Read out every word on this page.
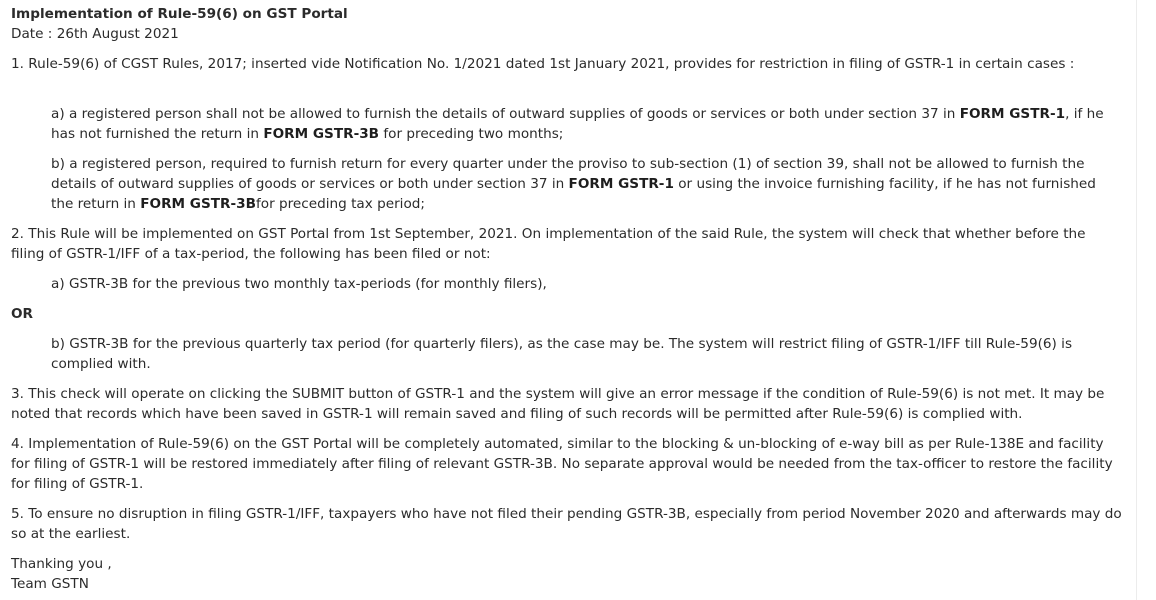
Implementation of Rule-59(6) on GST Portal
Date : 26th August 2021

1. Rule-59(6) of CGST Rules, 2017; inserted vide Notification No. 1/2021 dated 1st January 2021, provides for restriction in filing of GSTR-1 in certain cases :

a) a registered person shall not be allowed to furnish the details of outward supplies of goods or services or both under section 37 in FORM GSTR-1, if he has not furnished the return in FORM GSTR-3B for preceding two months;

b) a registered person, required to furnish return for every quarter under the proviso to sub-section (1) of section 39, shall not be allowed to furnish the details of outward supplies of goods or services or both under section 37 in FORM GSTR-1 or using the invoice furnishing facility, if he has not furnished the return in FORM GSTR-3Bfor preceding tax period;

2. This Rule will be implemented on GST Portal from 1st September, 2021. On implementation of the said Rule, the system will check that whether before the filing of GSTR-1/IFF of a tax-period, the following has been filed or not:

a) GSTR-3B for the previous two monthly tax-periods (for monthly filers),

OR

b) GSTR-3B for the previous quarterly tax period (for quarterly filers), as the case may be. The system will restrict filing of GSTR-1/IFF till Rule-59(6) is complied with.

3. This check will operate on clicking the SUBMIT button of GSTR-1 and the system will give an error message if the condition of Rule-59(6) is not met. It may be noted that records which have been saved in GSTR-1 will remain saved and filing of such records will be permitted after Rule-59(6) is complied with.

4. Implementation of Rule-59(6) on the GST Portal will be completely automated, similar to the blocking & un-blocking of e-way bill as per Rule-138E and facility for filing of GSTR-1 will be restored immediately after filing of relevant GSTR-3B. No separate approval would be needed from the tax-officer to restore the facility for filing of GSTR-1.

5. To ensure no disruption in filing GSTR-1/IFF, taxpayers who have not filed their pending GSTR-3B, especially from period November 2020 and afterwards may do so at the earliest.

Thanking you ,

Team GSTN
